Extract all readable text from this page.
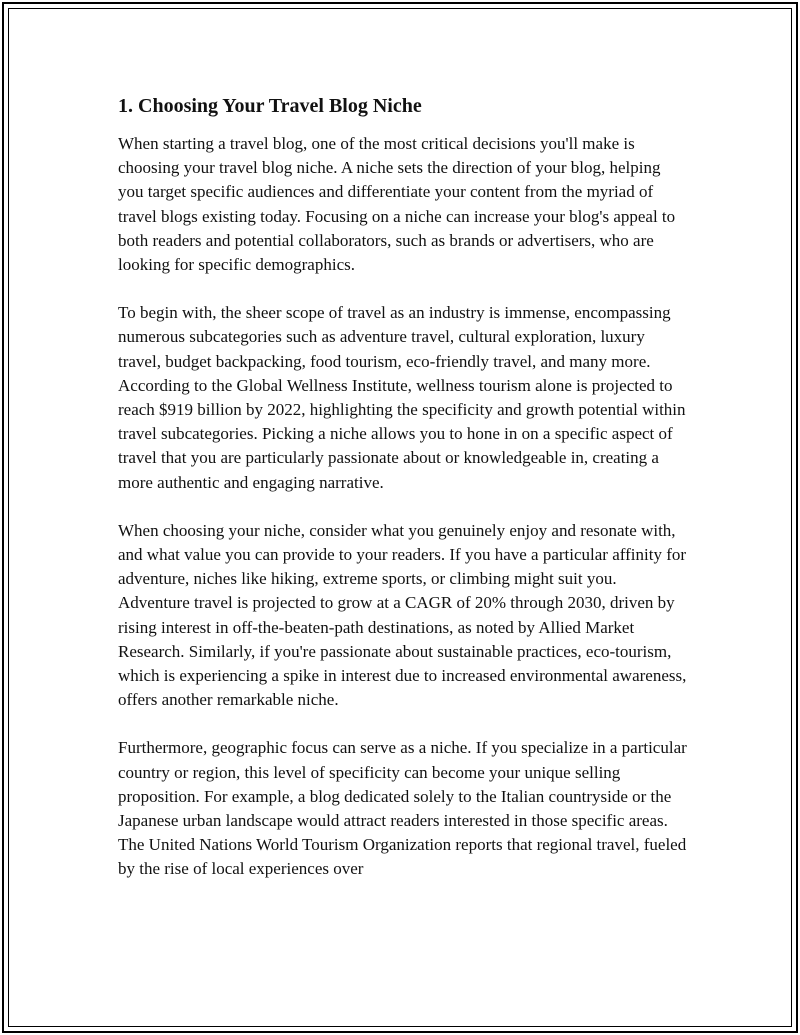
1. Choosing Your Travel Blog Niche

When starting a travel blog, one of the most critical decisions you'll make is choosing your travel blog niche. A niche sets the direction of your blog, helping you target specific audiences and differentiate your content from the myriad of travel blogs existing today. Focusing on a niche can increase your blog's appeal to both readers and potential collaborators, such as brands or advertisers, who are looking for specific demographics.

To begin with, the sheer scope of travel as an industry is immense, encompassing numerous subcategories such as adventure travel, cultural exploration, luxury travel, budget backpacking, food tourism, eco-friendly travel, and many more. According to the Global Wellness Institute, wellness tourism alone is projected to reach $919 billion by 2022, highlighting the specificity and growth potential within travel subcategories. Picking a niche allows you to hone in on a specific aspect of travel that you are particularly passionate about or knowledgeable in, creating a more authentic and engaging narrative.

When choosing your niche, consider what you genuinely enjoy and resonate with, and what value you can provide to your readers. If you have a particular affinity for adventure, niches like hiking, extreme sports, or climbing might suit you. Adventure travel is projected to grow at a CAGR of 20% through 2030, driven by rising interest in off-the-beaten-path destinations, as noted by Allied Market Research. Similarly, if you're passionate about sustainable practices, eco-tourism, which is experiencing a spike in interest due to increased environmental awareness, offers another remarkable niche.

Furthermore, geographic focus can serve as a niche. If you specialize in a particular country or region, this level of specificity can become your unique selling proposition. For example, a blog dedicated solely to the Italian countryside or the Japanese urban landscape would attract readers interested in those specific areas. The United Nations World Tourism Organization reports that regional travel, fueled by the rise of local experiences over
